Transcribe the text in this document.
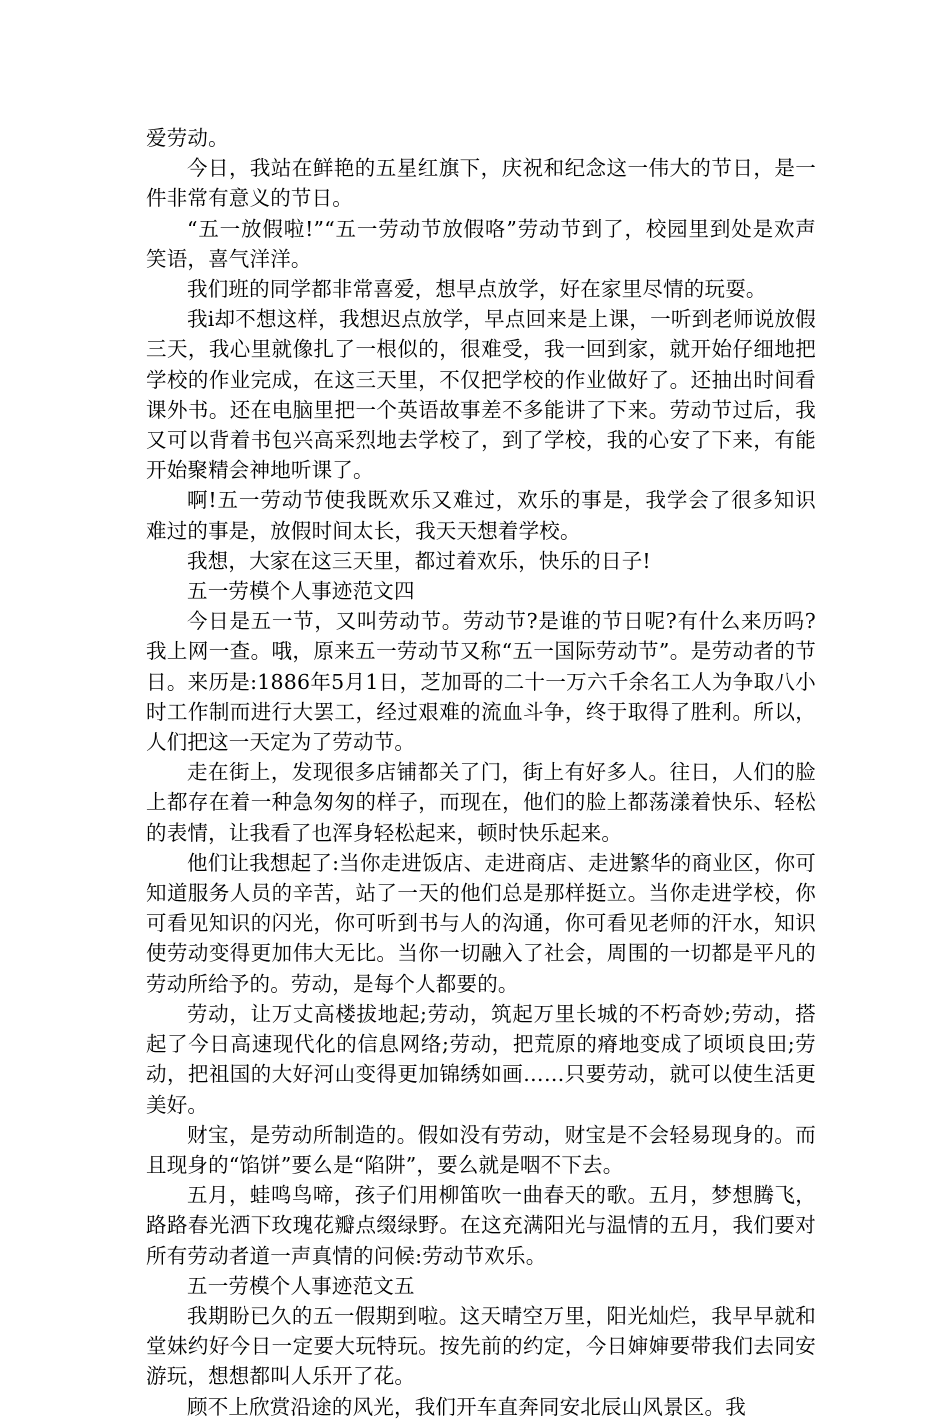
爱劳动。

今日，我站在鲜艳的五星红旗下，庆祝和纪念这一伟大的节日，是一件非常有意义的节日。

“五一放假啦!”“五一劳动节放假咯”劳动节到了，校园里到处是欢声笑语，喜气洋洋。

我们班的同学都非常喜爱，想早点放学，好在家里尽情的玩耍。

我i却不想这样，我想迟点放学，早点回来是上课，一听到老师说放假三天，我心里就像扎了一根似的，很难受，我一回到家，就开始仔细地把学校的作业完成，在这三天里，不仅把学校的作业做好了。还抽出时间看课外书。还在电脑里把一个英语故事差不多能讲了下来。劳动节过后，我又可以背着书包兴高采烈地去学校了，到了学校，我的心安了下来，有能开始聚精会神地听课了。

啊!五一劳动节使我既欢乐又难过，欢乐的事是，我学会了很多知识难过的事是，放假时间太长，我天天想着学校。

我想，大家在这三天里，都过着欢乐，快乐的日子!

五一劳模个人事迹范文四

今日是五一节，又叫劳动节。劳动节?是谁的节日呢?有什么来历吗?我上网一查。哦，原来五一劳动节又称“五一国际劳动节”。是劳动者的节日。来历是:1886年5月1日，芝加哥的二十一万六千余名工人为争取八小时工作制而进行大罢工，经过艰难的流血斗争，终于取得了胜利。所以，人们把这一天定为了劳动节。

走在街上，发现很多店铺都关了门，街上有好多人。往日，人们的脸上都存在着一种急匆匆的样子，而现在，他们的脸上都荡漾着快乐、轻松的表情，让我看了也浑身轻松起来，顿时快乐起来。

他们让我想起了:当你走进饭店、走进商店、走进繁华的商业区，你可知道服务人员的辛苦，站了一天的他们总是那样挺立。当你走进学校，你可看见知识的闪光，你可听到书与人的沟通，你可看见老师的汗水，知识使劳动变得更加伟大无比。当你一切融入了社会，周围的一切都是平凡的劳动所给予的。劳动，是每个人都要的。

劳动，让万丈高楼拔地起;劳动，筑起万里长城的不朽奇妙;劳动，搭起了今日高速现代化的信息网络;劳动，把荒原的瘠地变成了顷顷良田;劳动，把祖国的大好河山变得更加锦绣如画……只要劳动，就可以使生活更美好。

财宝，是劳动所制造的。假如没有劳动，财宝是不会轻易现身的。而且现身的“馅饼”要么是“陷阱”，要么就是咽不下去。

五月，蛙鸣鸟啼，孩子们用柳笛吹一曲春天的歌。五月，梦想腾飞，路路春光洒下玫瑰花瓣点缀绿野。在这充满阳光与温情的五月，我们要对所有劳动者道一声真情的问候:劳动节欢乐。

五一劳模个人事迹范文五

我期盼已久的五一假期到啦。这天晴空万里，阳光灿烂，我早早就和堂妹约好今日一定要大玩特玩。按先前的约定，今日婶婶要带我们去同安游玩，想想都叫人乐开了花。

顾不上欣赏沿途的风光，我们开车直奔同安北辰山风景区。我
